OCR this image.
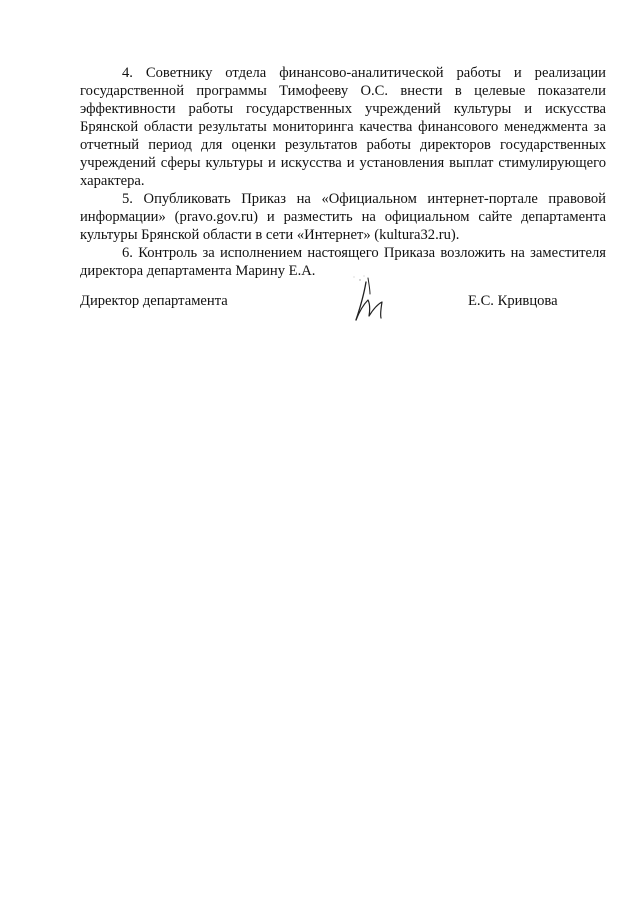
4. Советнику отдела финансово-аналитической работы и реализации государственной программы Тимофееву О.С. внести в целевые показатели эффективности работы государственных учреждений культуры и искусства Брянской области результаты мониторинга качества финансового менеджмента за отчетный период для оценки результатов работы директоров государственных учреждений сферы культуры и искусства и установления выплат стимулирующего характера.

5. Опубликовать Приказ на «Официальном интернет-портале правовой информации» (pravo.gov.ru) и разместить на официальном сайте департамента культуры Брянской области в сети «Интернет» (kultura32.ru).

6. Контроль за исполнением настоящего Приказа возложить на заместителя директора департамента Марину Е.А.

Директор департамента	Е.С. Кривцова
